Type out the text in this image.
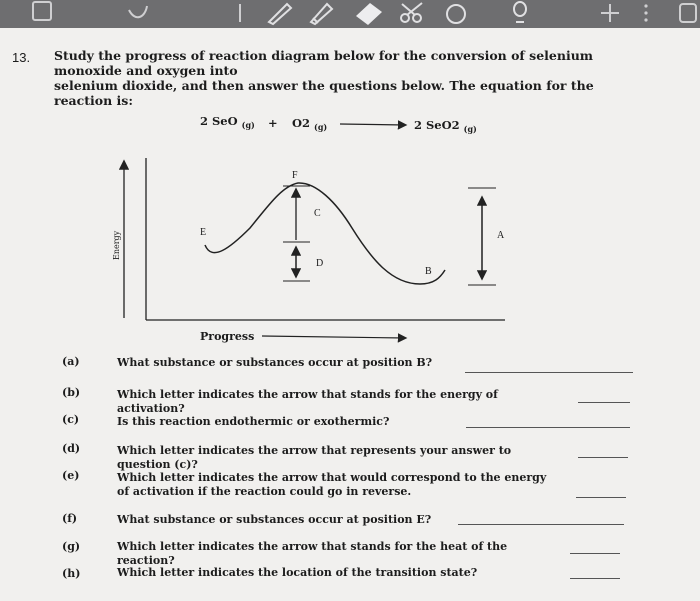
13. Study the progress of reaction diagram below for the conversion of selenium monoxide and oxygen into
selenium dioxide, and then answer the questions below. The equation for the reaction is:
2 SeO $_{(g)}$ + O2 $_{(g)}$	2 SeO2 $_{(g)}$
F
C
E
D
B
A
Energy
Progress
(a)	What substance or substances occur at position B?
(b)	Which letter indicates the arrow that stands for the energy of activation?
(c)	Is this reaction endothermic or exothermic?
(d)	Which letter indicates the arrow that represents your answer to question (c)?
(e)	Which letter indicates the arrow that would correspond to the energy
of activation if the reaction could go in reverse.
(f)	What substance or substances occur at position E?
(g)	Which letter indicates the arrow that stands for the heat of the reaction?
(h)	Which letter indicates the location of the transition state?
